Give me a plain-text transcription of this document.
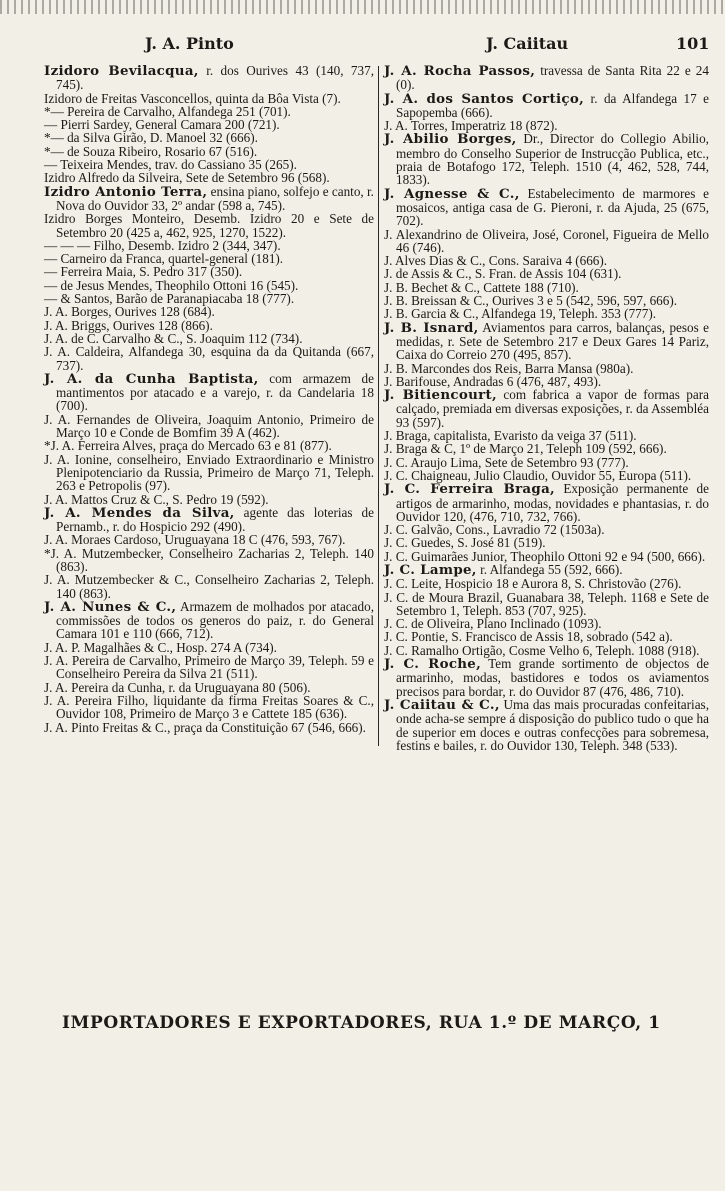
J. A. Pinto	J. Caiitau	101

Izidoro Bevilacqua, r. dos Ourives 43 (140, 737, 745).

Izidoro de Freitas Vasconcellos, quinta da Bôa Vista (7).

*— Pereira de Carvalho, Alfandega 251 (701).

— Pierri Sardey, General Camara 200 (721).

*— da Silva Girão, D. Manoel 32 (666).

*— de Souza Ribeiro, Rosario 67 (516).

— Teixeira Mendes, trav. do Cassiano 35 (265).

Izidro Alfredo da Silveira, Sete de Setembro 96 (568).

Izidro Antonio Terra, ensina piano, solfejo e canto, r. Nova do Ouvidor 33, 2º andar (598 a, 745).

Izidro Borges Monteiro, Desemb. Izidro 20 e Sete de Setembro 20 (425 a, 462, 925, 1270, 1522).

— — — Filho, Desemb. Izidro 2 (344, 347).

— Carneiro da Franca, quartel-general (181).

— Ferreira Maia, S. Pedro 317 (350).

— de Jesus Mendes, Theophilo Ottoni 16 (545).

— & Santos, Barão de Paranapiacaba 18 (777).

J. A. Borges, Ourives 128 (684).

J. A. Briggs, Ourives 128 (866).

J. A. de C. Carvalho & C., S. Joaquim 112 (734).

J. A. Caldeira, Alfandega 30, esquina da da Quitanda (667, 737).

J. A. da Cunha Baptista, com armazem de mantimentos por atacado e a varejo, r. da Candelaria 18 (700).

J. A. Fernandes de Oliveira, Joaquim Antonio, Primeiro de Março 10 e Conde de Bomfim 39 A (462).

*J. A. Ferreira Alves, praça do Mercado 63 e 81 (877).

J. A. Ionine, conselheiro, Enviado Extraordinario e Ministro Plenipotenciario da Russia, Primeiro de Março 71, Teleph. 263 e Petropolis (97).

J. A. Mattos Cruz & C., S. Pedro 19 (592).

J. A. Mendes da Silva, agente das loterias de Pernamb., r. do Hospicio 292 (490).

J. A. Moraes Cardoso, Uruguayana 18 C (476, 593, 767).

*J. A. Mutzembecker, Conselheiro Zacharias 2, Teleph. 140 (863).

J. A. Mutzembecker & C., Conselheiro Zacharias 2, Teleph. 140 (863).

J. A. Nunes & C., Armazem de molhados por atacado, commissões de todos os generos do paiz, r. do General Camara 101 e 110 (666, 712).

J. A. P. Magalhães & C., Hosp. 274 A (734).

J. A. Pereira de Carvalho, Primeiro de Março 39, Teleph. 59 e Conselheiro Pereira da Silva 21 (511).

J. A. Pereira da Cunha, r. da Uruguayana 80 (506).

J. A. Pereira Filho, liquidante da firma Freitas Soares & C., Ouvidor 108, Primeiro de Março 3 e Cattete 185 (636).

J. A. Pinto Freitas & C., praça da Constituição 67 (546, 666).

J. A. Rocha Passos, travessa de Santa Rita 22 e 24 (0).

J. A. dos Santos Cortiço, r. da Alfandega 17 e Sapopemba (666).

J. A. Torres, Imperatriz 18 (872).

J. Abilio Borges, Dr., Director do Collegio Abilio, membro do Conselho Superior de Instrucção Publica, etc., praia de Botafogo 172, Teleph. 1510 (4, 462, 528, 744, 1833).

J. Agnesse & C., Estabelecimento de marmores e mosaicos, antiga casa de G. Pieroni, r. da Ajuda, 25 (675, 702).

J. Alexandrino de Oliveira, José, Coronel, Figueira de Mello 46 (746).

J. Alves Dias & C., Cons. Saraiva 4 (666).

J. de Assis & C., S. Fran. de Assis 104 (631).

J. B. Bechet & C., Cattete 188 (710).

J. B. Breissan & C., Ourives 3 e 5 (542, 596, 597, 666).

J. B. Garcia & C., Alfandega 19, Teleph. 353 (777).

J. B. Isnard, Aviamentos para carros, balanças, pesos e medidas, r. Sete de Setembro 217 e Deux Gares 14 Pariz, Caixa do Correio 270 (495, 857).

J. B. Marcondes dos Reis, Barra Mansa (980a).

J. Barifouse, Andradas 6 (476, 487, 493).

J. Bitiencourt, com fabrica a vapor de formas para calçado, premiada em diversas exposições, r. da Assembléa 93 (597).

J. Braga, capitalista, Evaristo da veiga 37 (511).

J. Braga & C, 1º de Março 21, Teleph 109 (592, 666).

J. C. Araujo Lima, Sete de Setembro 93 (777).

J. C. Chaigneau, Julio Claudio, Ouvidor 55, Europa (511).

J. C. Ferreira Braga, Exposição permanente de artigos de armarinho, modas, novidades e phantasias, r. do Ouvidor 120, (476, 710, 732, 766).

J. C. Galvão, Cons., Lavradio 72 (1503a).

J. C. Guedes, S. José 81 (519).

J. C. Guimarães Junior, Theophilo Ottoni 92 e 94 (500, 666).

J. C. Lampe, r. Alfandega 55 (592, 666).

J. C. Leite, Hospicio 18 e Aurora 8, S. Christovão (276).

J. C. de Moura Brazil, Guanabara 38, Teleph. 1168 e Sete de Setembro 1, Teleph. 853 (707, 925).

J. C. de Oliveira, Plano Inclinado (1093).

J. C. Pontie, S. Francisco de Assis 18, sobrado (542 a).

J. C. Ramalho Ortigão, Cosme Velho 6, Teleph. 1088 (918).

J. C. Roche, Tem grande sortimento de objectos de armarinho, modas, bastidores e todos os aviamentos precisos para bordar, r. do Ouvidor 87 (476, 486, 710).

J. Caiitau & C., Uma das mais procuradas confeitarias, onde acha-se sempre á disposição do publico tudo o que ha de superior em doces e outras confecções para sobremesa, festins e bailes, r. do Ouvidor 130, Teleph. 348 (533).

IMPORTADORES E EXPORTADORES, RUA 1.º DE MARÇO, 1
